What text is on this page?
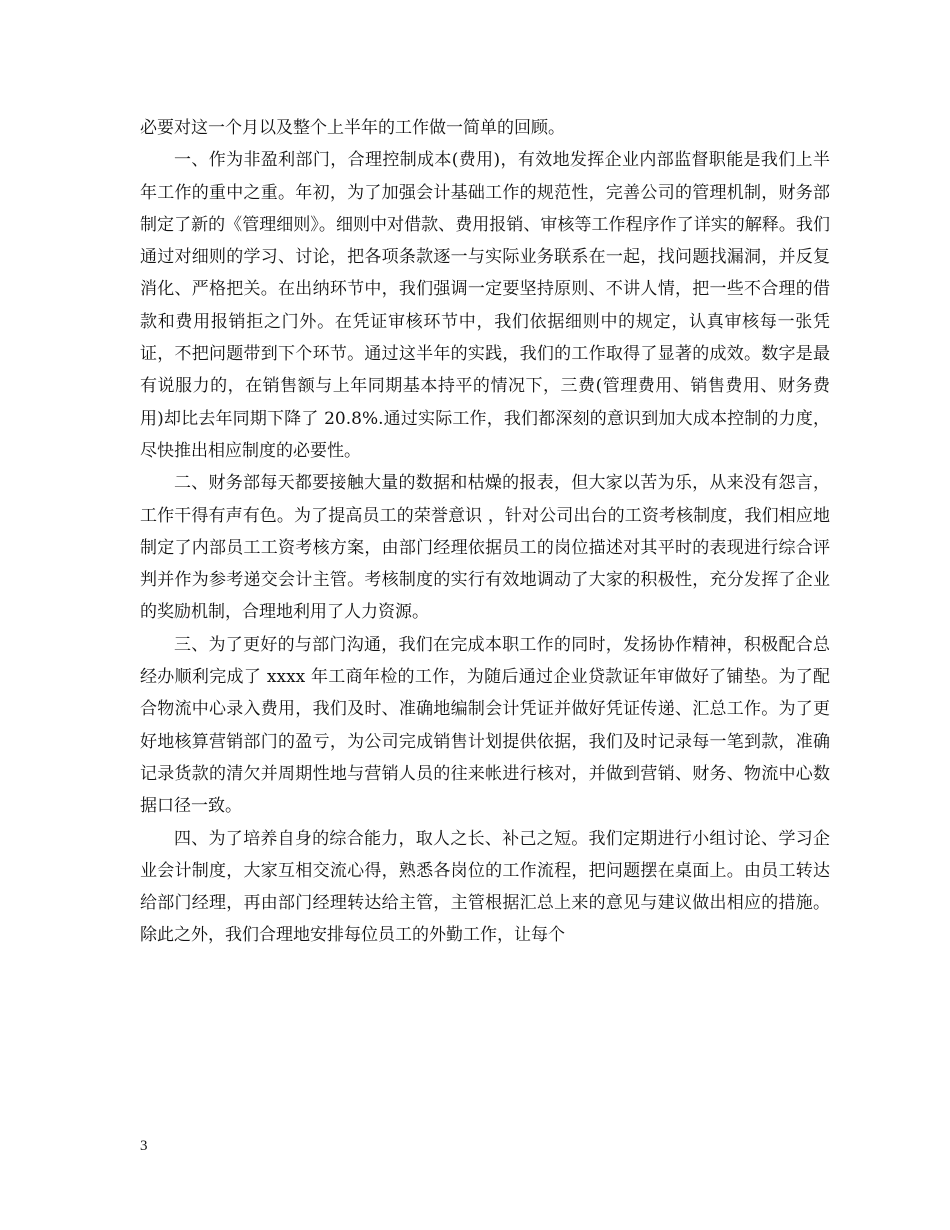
必要对这一个月以及整个上半年的工作做一简单的回顾。

一、作为非盈利部门，合理控制成本(费用)，有效地发挥企业内部监督职能是我们上半年工作的重中之重。年初，为了加强会计基础工作的规范性，完善公司的管理机制，财务部制定了新的《管理细则》。细则中对借款、费用报销、审核等工作程序作了详实的解释。我们通过对细则的学习、讨论，把各项条款逐一与实际业务联系在一起，找问题找漏洞，并反复消化、严格把关。在出纳环节中，我们强调一定要坚持原则、不讲人情，把一些不合理的借款和费用报销拒之门外。在凭证审核环节中，我们依据细则中的规定，认真审核每一张凭证，不把问题带到下个环节。通过这半年的实践，我们的工作取得了显著的成效。数字是最有说服力的，在销售额与上年同期基本持平的情况下，三费(管理费用、销售费用、财务费用)却比去年同期下降了 20.8%.通过实际工作，我们都深刻的意识到加大成本控制的力度，尽快推出相应制度的必要性。

二、财务部每天都要接触大量的数据和枯燥的报表，但大家以苦为乐，从来没有怨言，工作干得有声有色。为了提高员工的荣誉意识 ，针对公司出台的工资考核制度，我们相应地制定了内部员工工资考核方案，由部门经理依据员工的岗位描述对其平时的表现进行综合评判并作为参考递交会计主管。考核制度的实行有效地调动了大家的积极性，充分发挥了企业的奖励机制，合理地利用了人力资源。

三、为了更好的与部门沟通，我们在完成本职工作的同时，发扬协作精神，积极配合总经办顺利完成了 xxxx 年工商年检的工作，为随后通过企业贷款证年审做好了铺垫。为了配合物流中心录入费用，我们及时、准确地编制会计凭证并做好凭证传递、汇总工作。为了更好地核算营销部门的盈亏，为公司完成销售计划提供依据，我们及时记录每一笔到款，准确记录货款的清欠并周期性地与营销人员的往来帐进行核对，并做到营销、财务、物流中心数据口径一致。

四、为了培养自身的综合能力，取人之长、补己之短。我们定期进行小组讨论、学习企业会计制度，大家互相交流心得，熟悉各岗位的工作流程，把问题摆在桌面上。由员工转达给部门经理，再由部门经理转达给主管，主管根据汇总上来的意见与建议做出相应的措施。除此之外，我们合理地安排每位员工的外勤工作，让每个

3
